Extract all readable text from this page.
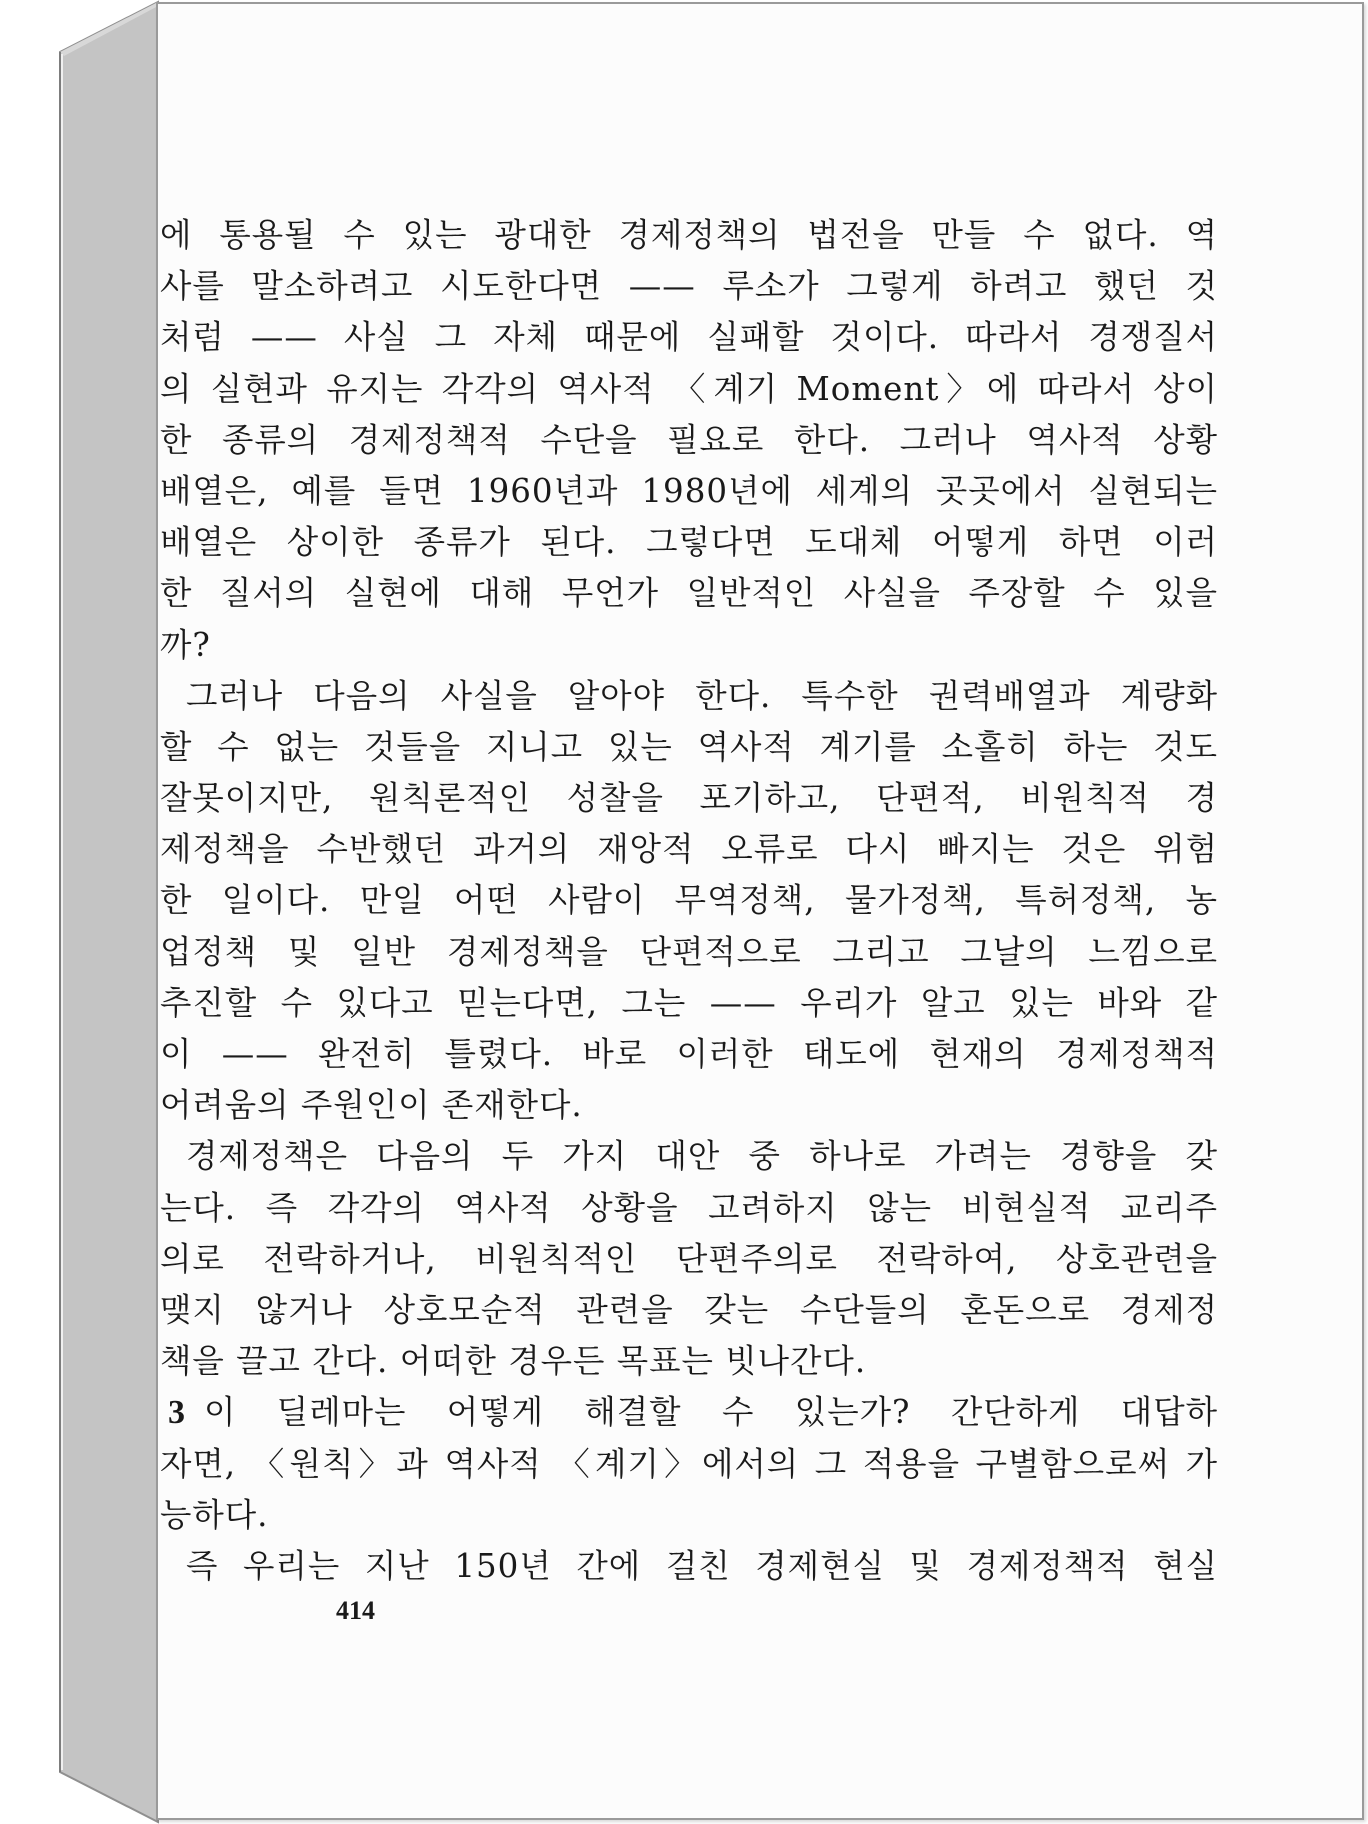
에 통용될 수 있는 광대한 경제정책의 법전을 만들 수 없다. 역
사를 말소하려고 시도한다면 —— 루소가 그렇게 하려고 했던 것
처럼 —— 사실 그 자체 때문에 실패할 것이다. 따라서 경쟁질서
의 실현과 유지는 각각의 역사적 〈계기 Moment〉에 따라서 상이
한 종류의 경제정책적 수단을 필요로 한다. 그러나 역사적 상황
배열은, 예를 들면 1960년과 1980년에 세계의 곳곳에서 실현되는
배열은 상이한 종류가 된다. 그렇다면 도대체 어떻게 하면 이러
한 질서의 실현에 대해 무언가 일반적인 사실을 주장할 수 있을
까?
그러나 다음의 사실을 알아야 한다. 특수한 권력배열과 계량화
할 수 없는 것들을 지니고 있는 역사적 계기를 소홀히 하는 것도
잘못이지만, 원칙론적인 성찰을 포기하고, 단편적, 비원칙적 경
제정책을 수반했던 과거의 재앙적 오류로 다시 빠지는 것은 위험
한 일이다. 만일 어떤 사람이 무역정책, 물가정책, 특허정책, 농
업정책 및 일반 경제정책을 단편적으로 그리고 그날의 느낌으로
추진할 수 있다고 믿는다면, 그는 —— 우리가 알고 있는 바와 같
이 —— 완전히 틀렸다. 바로 이러한 태도에 현재의 경제정책적
어려움의 주원인이 존재한다.
경제정책은 다음의 두 가지 대안 중 하나로 가려는 경향을 갖
는다. 즉 각각의 역사적 상황을 고려하지 않는 비현실적 교리주
의로 전락하거나, 비원칙적인 단편주의로 전락하여, 상호관련을
맺지 않거나 상호모순적 관련을 갖는 수단들의 혼돈으로 경제정
책을 끌고 간다. 어떠한 경우든 목표는 빗나간다.
3 이 딜레마는 어떻게 해결할 수 있는가? 간단하게 대답하
자면, 〈원칙〉과 역사적 〈계기〉에서의 그 적용을 구별함으로써 가
능하다.
즉 우리는 지난 150년 간에 걸친 경제현실 및 경제정책적 현실
414
